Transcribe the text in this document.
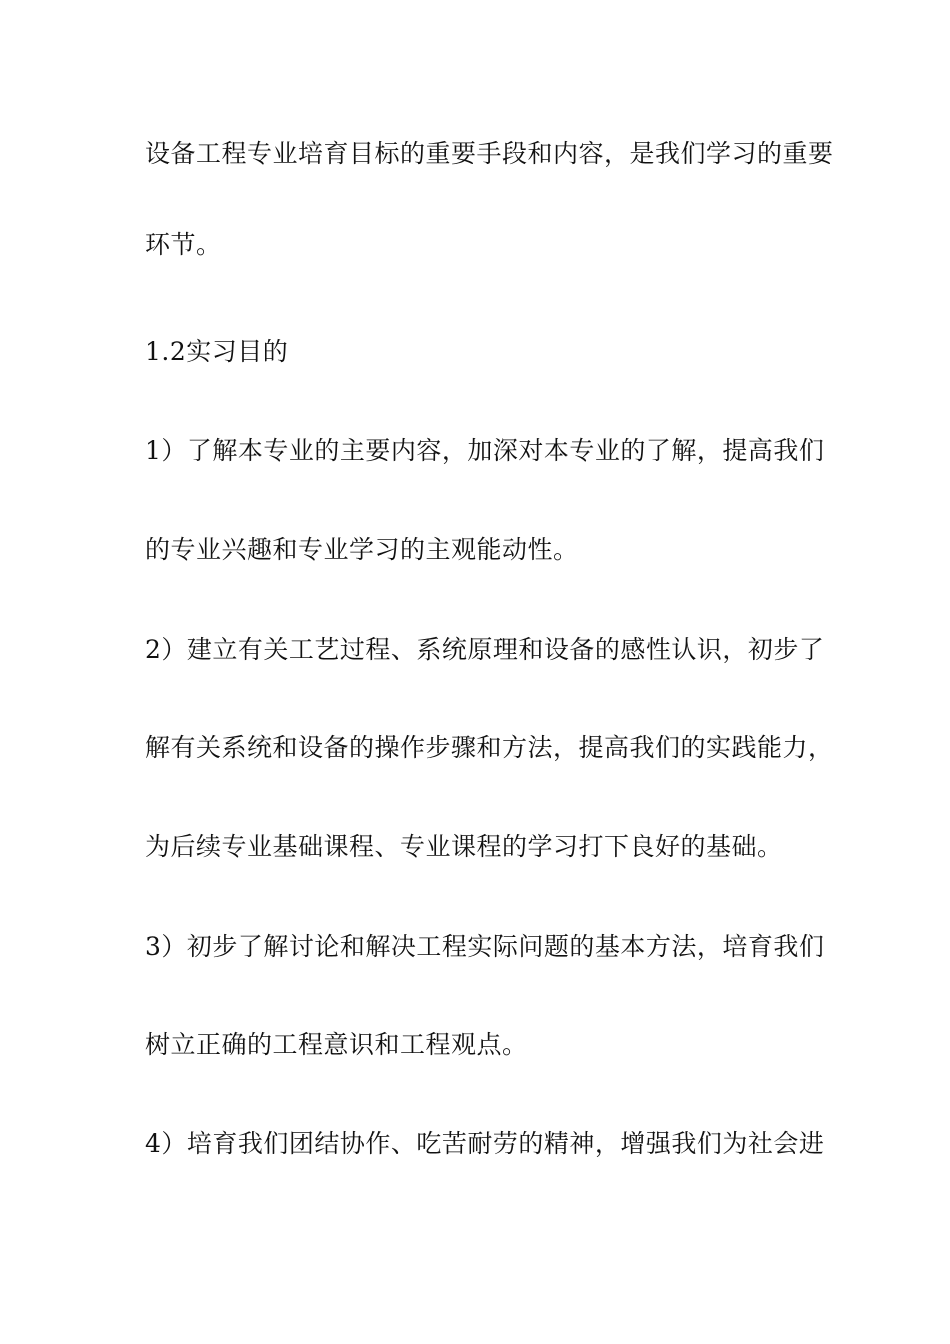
设备工程专业培育目标的重要手段和内容，是我们学习的重要
环节。
1.2实习目的
1）了解本专业的主要内容，加深对本专业的了解，提高我们
的专业兴趣和专业学习的主观能动性。
2）建立有关工艺过程、系统原理和设备的感性认识，初步了
解有关系统和设备的操作步骤和方法，提高我们的实践能力，
为后续专业基础课程、专业课程的学习打下良好的基础。
3）初步了解讨论和解决工程实际问题的基本方法，培育我们
树立正确的工程意识和工程观点。
4）培育我们团结协作、吃苦耐劳的精神，增强我们为社会进
